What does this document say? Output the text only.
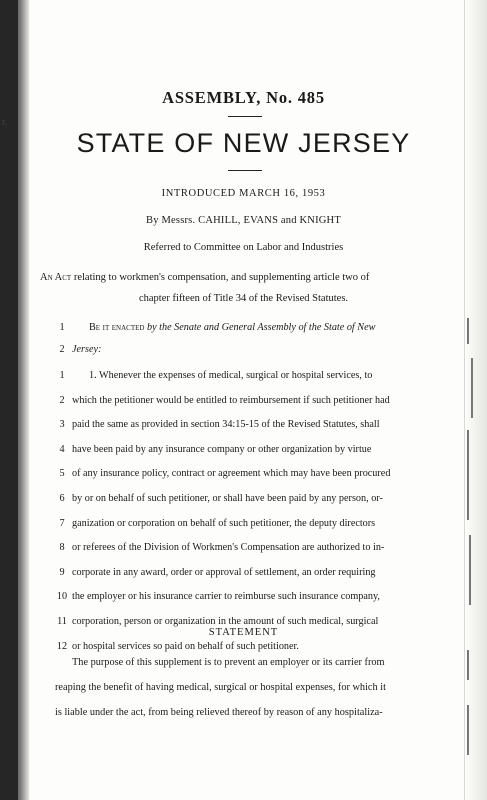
r.
ASSEMBLY, No. 485
STATE OF NEW JERSEY
INTRODUCED MARCH 16, 1953
By Messrs. CAHILL, EVANS and KNIGHT
Referred to Committee on Labor and Industries
An Act relating to workmen's compensation, and supplementing article two of
chapter fifteen of Title 34 of the Revised Statutes.
1	Be it enacted by the Senate and General Assembly of the State of New
2 Jersey:
1	1. Whenever the expenses of medical, surgical or hospital services, to
2 which the petitioner would be entitled to reimbursement if such petitioner had
3 paid the same as provided in section 34:15-15 of the Revised Statutes, shall
4 have been paid by any insurance company or other organization by virtue
5 of any insurance policy, contract or agreement which may have been procured
6 by or on behalf of such petitioner, or shall have been paid by any person, or-
7 ganization or corporation on behalf of such petitioner, the deputy directors
8 or referees of the Division of Workmen's Compensation are authorized to in-
9 corporate in any award, order or approval of settlement, an order requiring
10 the employer or his insurance carrier to reimburse such insurance company,
11 corporation, person or organization in the amount of such medical, surgical
12 or hospital services so paid on behalf of such petitioner.
STATEMENT
The purpose of this supplement is to prevent an employer or its carrier from
reaping the benefit of having medical, surgical or hospital expenses, for which it
is liable under the act, from being relieved thereof by reason of any hospitaliza-
